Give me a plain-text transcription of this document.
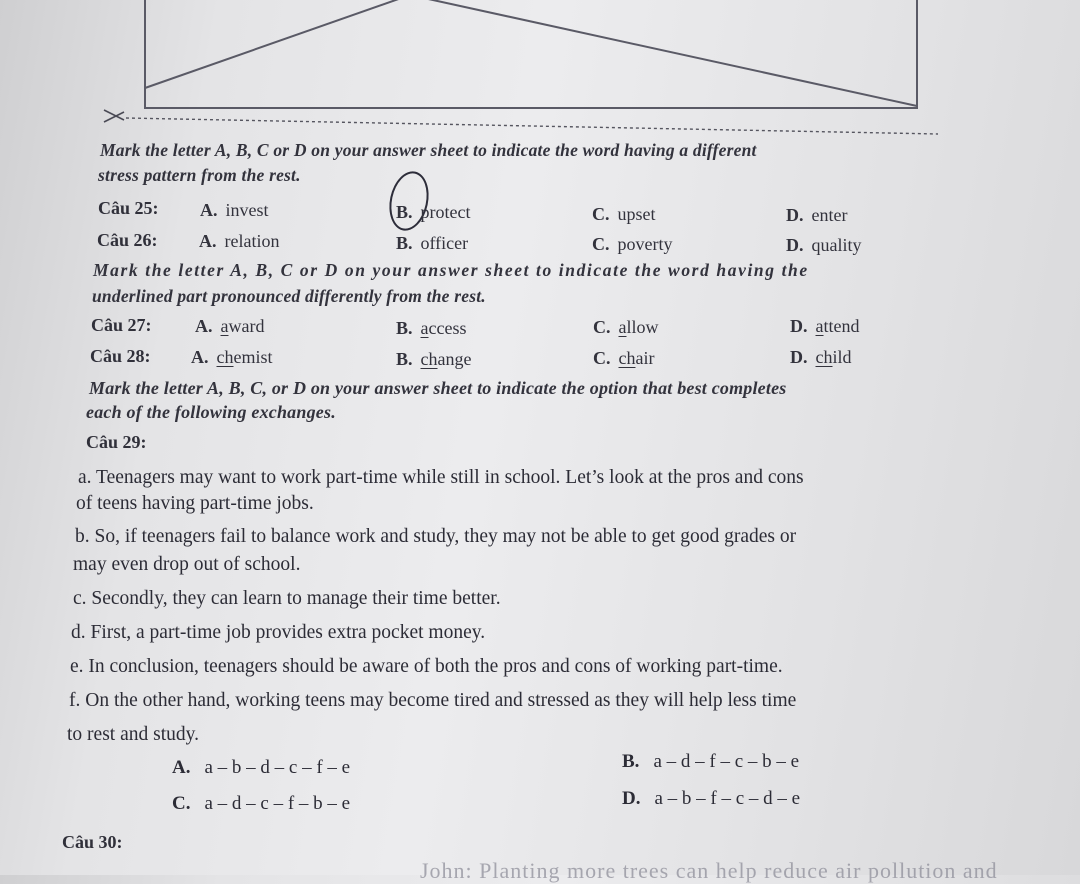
Mark the letter A, B, C or D on your answer sheet to indicate the word having a different
stress pattern from the rest.
Câu 25: A. invest	B. protect	C. upset	D. enter
Câu 26: A. relation	B. officer	C. poverty	D. quality
Mark the letter A, B, C or D on your answer sheet to indicate the word having the
underlined part pronounced differently from the rest.
Câu 27: A. award	B. access	C. allow	D. attend
Câu 28: A. chemist	B. change	C. chair	D. child
Mark the letter A, B, C, or D on your answer sheet to indicate the option that best completes
each of the following exchanges.
Câu 29:
a. Teenagers may want to work part-time while still in school. Let’s look at the pros and cons
of teens having part-time jobs.
b. So, if teenagers fail to balance work and study, they may not be able to get good grades or
may even drop out of school.
c. Secondly, they can learn to manage their time better.
d. First, a part-time job provides extra pocket money.
e. In conclusion, teenagers should be aware of both the pros and cons of working part-time.
f. On the other hand, working teens may become tired and stressed as they will help less time
to rest and study.
A. a – b – d – c – f – e	B. a – d – f – c – b – e
C. a – d – c – f – b – e	D. a – b – f – c – d – e
Câu 30:
John: Planting more trees can help reduce air pollution and
